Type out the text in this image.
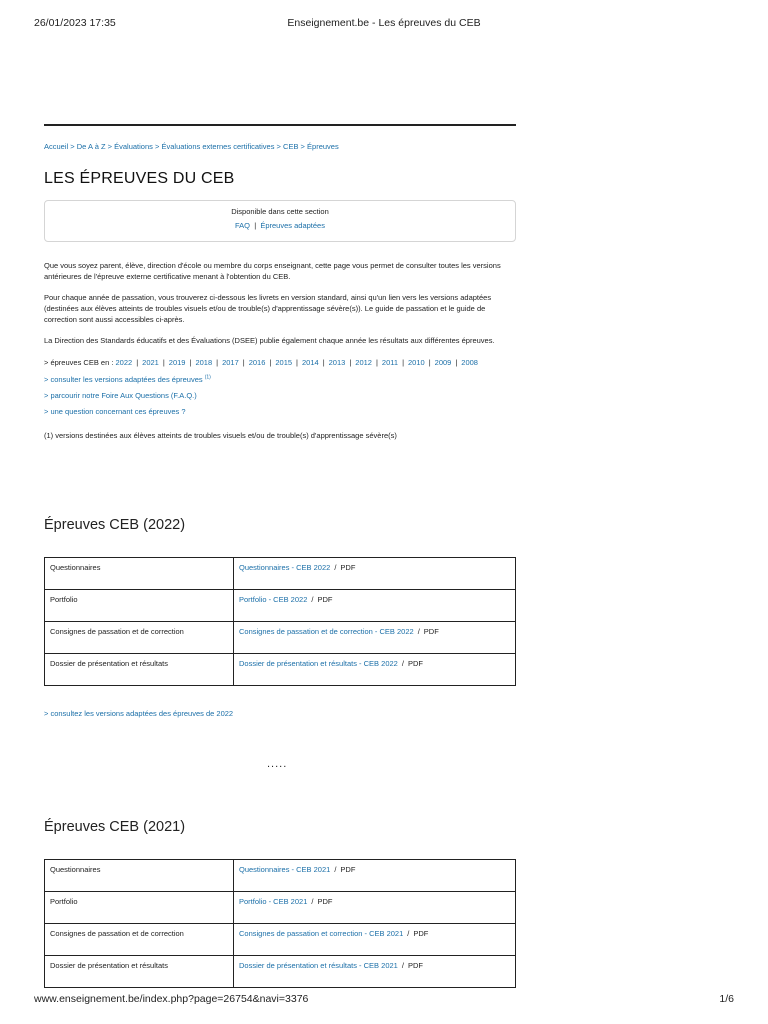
26/01/2023 17:35	Enseignement.be - Les épreuves du CEB
Accueil > De A à Z > Évaluations > Évaluations externes certificatives > CEB > Épreuves
LES ÉPREUVES DU CEB
Disponible dans cette section
FAQ | Épreuves adaptées

Que vous soyez parent, élève, direction d'école ou membre du corps enseignant, cette page vous permet de consulter toutes les versions antérieures de l'épreuve externe certificative menant à l'obtention du CEB.

Pour chaque année de passation, vous trouverez ci-dessous les livrets en version standard, ainsi qu'un lien vers les versions adaptées (destinées aux élèves atteints de troubles visuels et/ou de trouble(s) d'apprentissage sévère(s)). Le guide de passation et le guide de correction sont aussi accessibles ci-après.

La Direction des Standards éducatifs et des Évaluations (DSEE) publie également chaque année les résultats aux différentes épreuves.

> épreuves CEB en : 2022 | 2021 | 2019 | 2018 | 2017 | 2016 | 2015 | 2014 | 2013 | 2012 | 2011 | 2010 | 2009 | 2008
> consulter les versions adaptées des épreuves $^{(1)}$
> parcourir notre Foire Aux Questions (F.A.Q.)
> une question concernant ces épreuves ?

(1) versions destinées aux élèves atteints de troubles visuels et/ou de trouble(s) d'apprentissage sévère(s)

Épreuves CEB (2022)
Questionnaires	Questionnaires - CEB 2022 / PDF
Portfolio	Portfolio - CEB 2022 / PDF
Consignes de passation et de correction	Consignes de passation et de correction - CEB 2022 / PDF
Dossier de présentation et résultats	Dossier de présentation et résultats - CEB 2022 / PDF
> consultez les versions adaptées des épreuves de 2022
.....
Épreuves CEB (2021)
Questionnaires	Questionnaires - CEB 2021 / PDF
Portfolio	Portfolio - CEB 2021 / PDF
Consignes de passation et de correction	Consignes de passation et correction - CEB 2021 / PDF
Dossier de présentation et résultats	Dossier de présentation et résultats - CEB 2021 / PDF
www.enseignement.be/index.php?page=26754&navi=3376	1/6
